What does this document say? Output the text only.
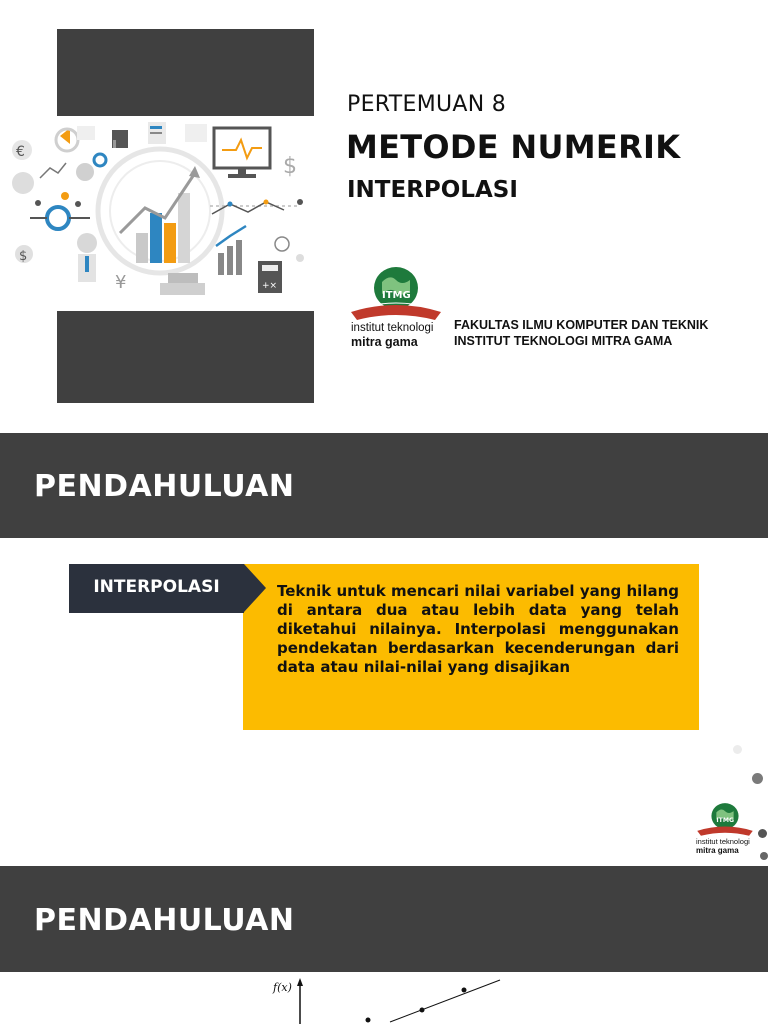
€
$
¥
$
+×
PERTEMUAN 8
METODE NUMERIK
INTERPOLASI
ITMG
institut teknologi
mitra gama
FAKULTAS ILMU KOMPUTER DAN TEKNIK
INSTITUT TEKNOLOGI MITRA GAMA
PENDAHULUAN
Teknik untuk mencari nilai variabel yang hilang di antara dua atau lebih data yang telah diketahui nilainya. Interpolasi menggunakan pendekatan berdasarkan kecenderungan dari data atau nilai-nilai yang disajikan
INTERPOLASI
ITMG
institut teknologi
mitra gama
PENDAHULUAN
f(x)
